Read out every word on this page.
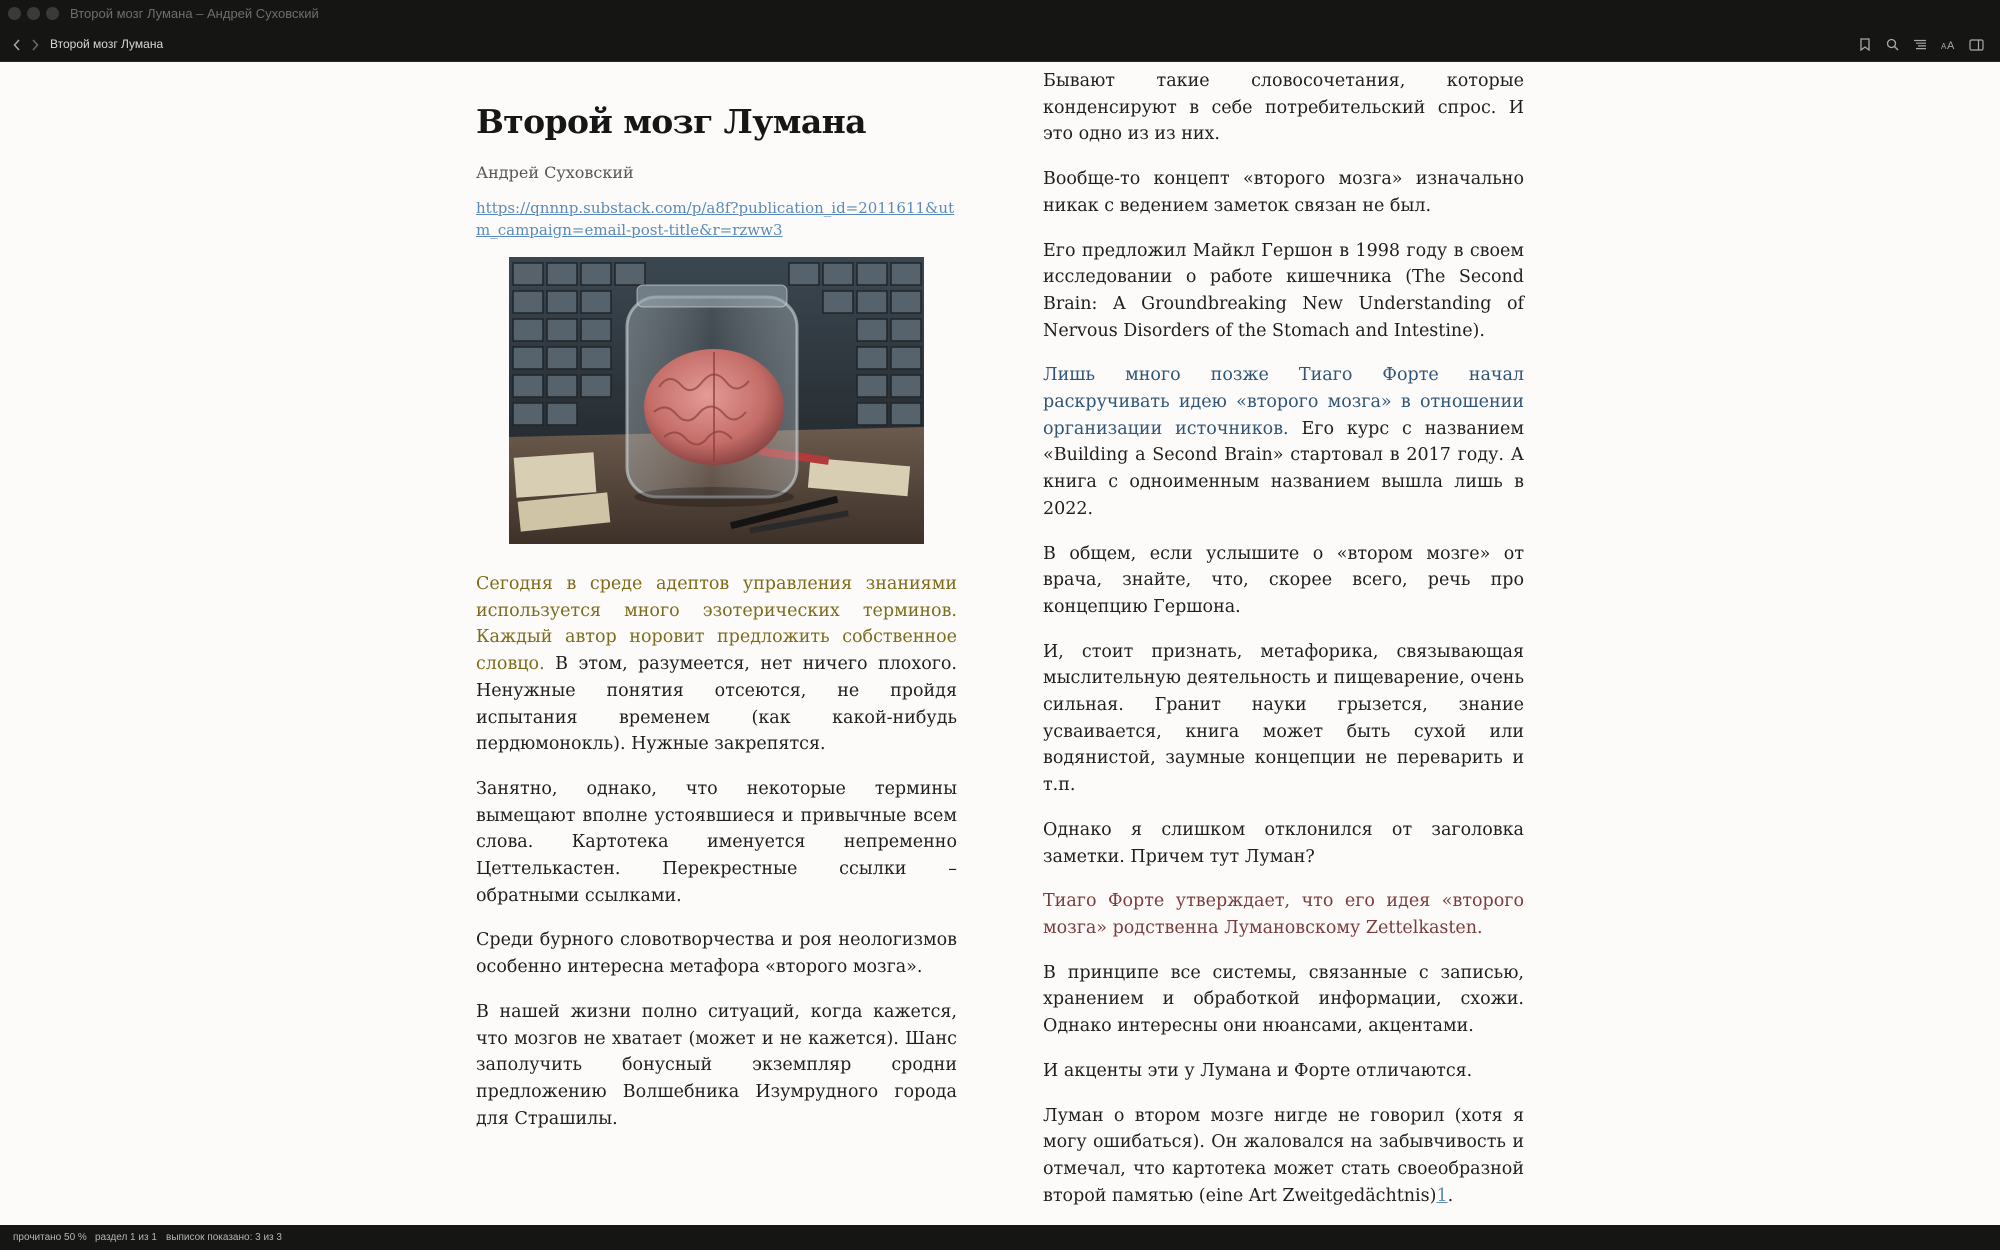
Второй мозг Лумана – Андрей Суховский
Второй мозг Лумана	A A
Второй мозг Лумана
Андрей Суховский
https://qnnnp.substack.com/p/a8f?publication_id=2011611&utm_campaign=email-post-title&r=rzww3

Сегодня в среде адептов управления знаниями используется много эзотерических терминов. Каждый автор норовит предложить собственное словцо. В этом, разумеется, нет ничего плохого. Ненужные понятия отсеются, не пройдя испытания временем (как какой-нибудь пердюмонокль). Нужные закрепятся.

Занятно, однако, что некоторые термины вымещают вполне устоявшиеся и привычные всем слова. Картотека именуется непременно Цеттелькастен. Перекрестные ссылки – обратными ссылками.

Среди бурного словотворчества и роя неологизмов особенно интересна метафора «второго мозга».

В нашей жизни полно ситуаций, когда кажется, что мозгов не хватает (может и не кажется). Шанс заполучить бонусный экземпляр сродни предложению Волшебника Изумрудного города для Страшилы.

Бывают такие словосочетания, которые конденсируют в себе потребительский спрос. И это одно из из них.

Вообще-то концепт «второго мозга» изначально никак с ведением заметок связан не был.

Его предложил Майкл Гершон в 1998 году в своем исследовании о работе кишечника (The Second Brain: A Groundbreaking New Understanding of Nervous Disorders of the Stomach and Intestine).

Лишь много позже Тиаго Форте начал раскручивать идею «второго мозга» в отношении организации источников. Его курс с названием «Building a Second Brain» стартовал в 2017 году. А книга с одноименным названием вышла лишь в 2022.

В общем, если услышите о «втором мозге» от врача, знайте, что, скорее всего, речь про концепцию Гершона.

И, стоит признать, метафорика, связывающая мыслительную деятельность и пищеварение, очень сильная. Гранит науки грызется, знание усваивается, книга может быть сухой или водянистой, заумные концепции не переварить и т.п.

Однако я слишком отклонился от заголовка заметки. Причем тут Луман?

Тиаго Форте утверждает, что его идея «второго мозга» родственна Лумановскому Zettelkasten.

В принципе все системы, связанные с записью, хранением и обработкой информации, схожи. Однако интересны они нюансами, акцентами.

И акценты эти у Лумана и Форте отличаются.

Луман о втором мозге нигде не говорил (хотя я могу ошибаться). Он жаловался на забывчивость и отмечал, что картотека может стать своеобразной второй памятью (eine Art Zweitgedächtnis)1.

прочитано 50 % раздел 1 из 1 выписок показано: 3 из 3
